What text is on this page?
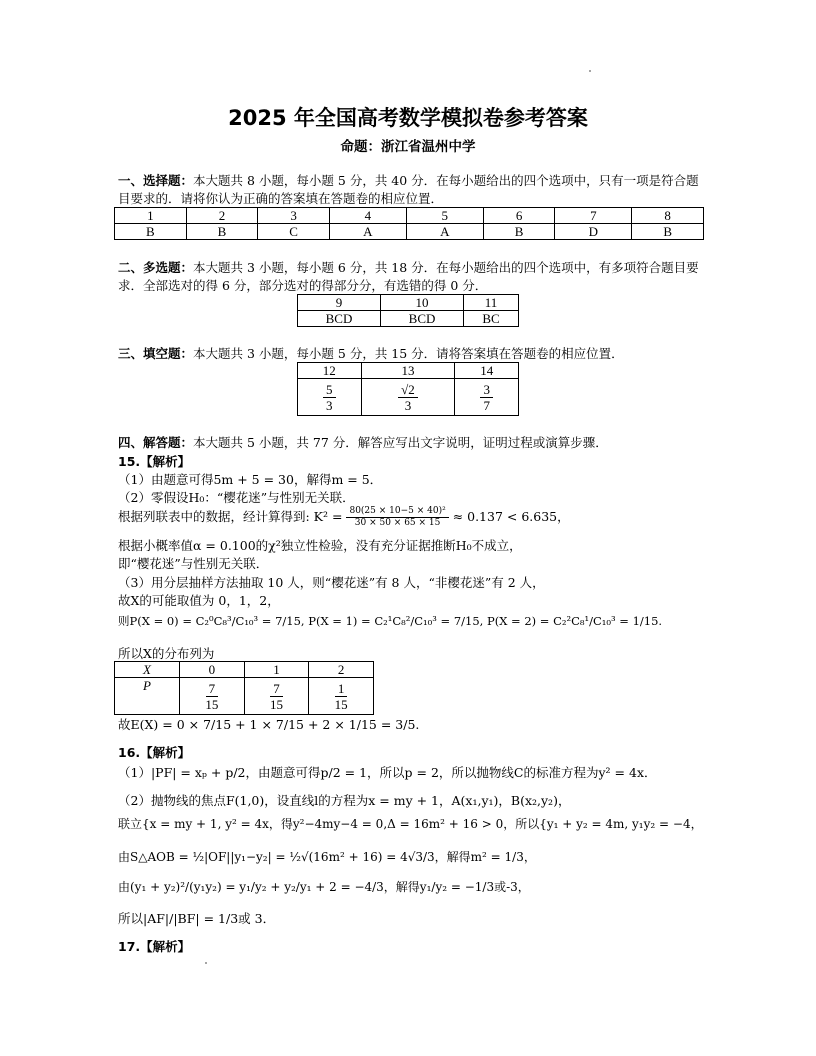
2025 年全国高考数学模拟卷参考答案
命题：浙江省温州中学
一、选择题：本大题共 8 小题，每小题 5 分，共 40 分．在每小题给出的四个选项中，只有一项是符合题目要求的．请将你认为正确的答案填在答题卷的相应位置．
1	2	3	4	5	6	7	8
B	B	C	A	A	B	D	B
二、多选题：本大题共 3 小题，每小题 6 分，共 18 分．在每小题给出的四个选项中，有多项符合题目要求．全部选对的得 6 分，部分选对的得部分分，有选错的得 0 分．
9	10	11
BCD	BCD	BC
三、填空题：本大题共 3 小题，每小题 5 分，共 15 分．请将答案填在答题卷的相应位置．
12	13	14

$\frac{5}{3}$	$\frac{√2}{3}$	$\frac{3}{7}$
四、解答题：本大题共 5 小题，共 77 分．解答应写出文字说明，证明过程或演算步骤．
15.【解析】
（1）由题意可得5m + 5 = 30，解得m = 5．
（2）零假设H₀：“樱花迷”与性别无关联．
根据列联表中的数据，经计算得到: $K^2 = \frac{\text{80(25 × 10−5 × 40)²}}{30 \times 50 \times 65 \times 15} \approx 0.137 < 6.635$，
根据小概率值α = 0.100的χ²独立性检验，没有充分证据推断H₀不成立，
即“樱花迷”与性别无关联．
（3）用分层抽样方法抽取 10 人，则“樱花迷”有 8 人，“非樱花迷”有 2 人，
故X的可能取值为 0，1，2，
则P(X = 0) = C₂⁰C₈³/C₁₀³ = 7/15, P(X = 1) = C₂¹C₈²/C₁₀³ = 7/15, P(X = 2) = C₂²C₈¹/C₁₀³ = 1/15.
所以X的分布列为
X	0	1	2
P	$\frac{7}{15}$	$\frac{7}{15}$	$\frac{1}{15}$
故E(X) = 0 × 7/15 + 1 × 7/15 + 2 × 1/15 = 3/5.
16.【解析】
（1）|PF| = xₚ + p/2，由题意可得p/2 = 1，所以p = 2，所以抛物线C的标准方程为y² = 4x．
（2）抛物线的焦点F(1,0)，设直线l的方程为x = my + 1，A(x₁,y₁)，B(x₂,y₂)，
联立{x = my + 1, y² = 4x，得y²−4my−4 = 0,Δ = 16m² + 16 > 0，所以{y₁ + y₂ = 4m, y₁y₂ = −4，
由S△AOB = ½|OF||y₁−y₂| = ½√(16m² + 16) = 4√3/3，解得m² = 1/3，
由(y₁ + y₂)²/(y₁y₂) = y₁/y₂ + y₂/y₁ + 2 = −4/3，解得y₁/y₂ = −1/3或-3，
所以|AF|/|BF| = 1/3或 3．
17.【解析】
